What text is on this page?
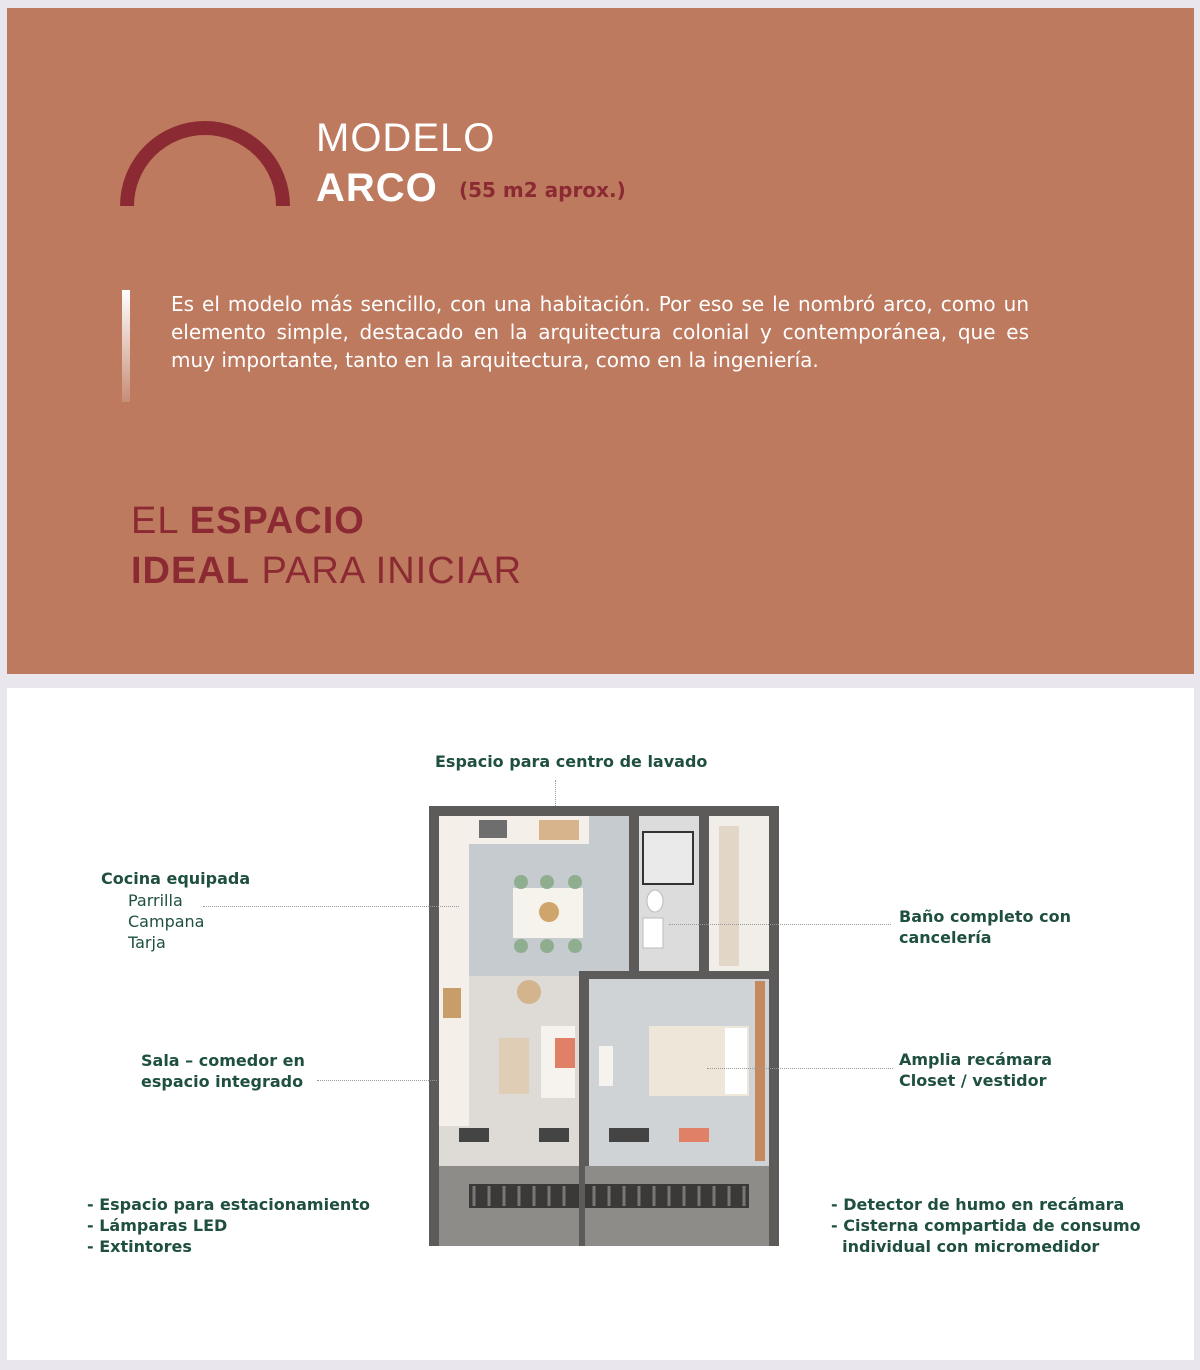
MODELO
ARCO (55 m2 aprox.)

Es el modelo más sencillo, con una habitación. Por eso se le nombró arco, como un elemento simple, destacado en la arquitectura colonial y contemporánea, que es muy importante, tanto en la arquitectura, como en la ingeniería.

EL ESPACIO
IDEAL PARA INICIAR
Espacio para centro de lavado
Cocina equipada
Parrilla
Campana
Tarja
Baño completo con
cancelería
Sala – comedor en
espacio integrado
Amplia recámara
Closet / vestidor
- Espacio para estacionamiento
- Lámparas LED
- Extintores
- Detector de humo en recámara
- Cisterna compartida de consumo
individual con micromedidor
